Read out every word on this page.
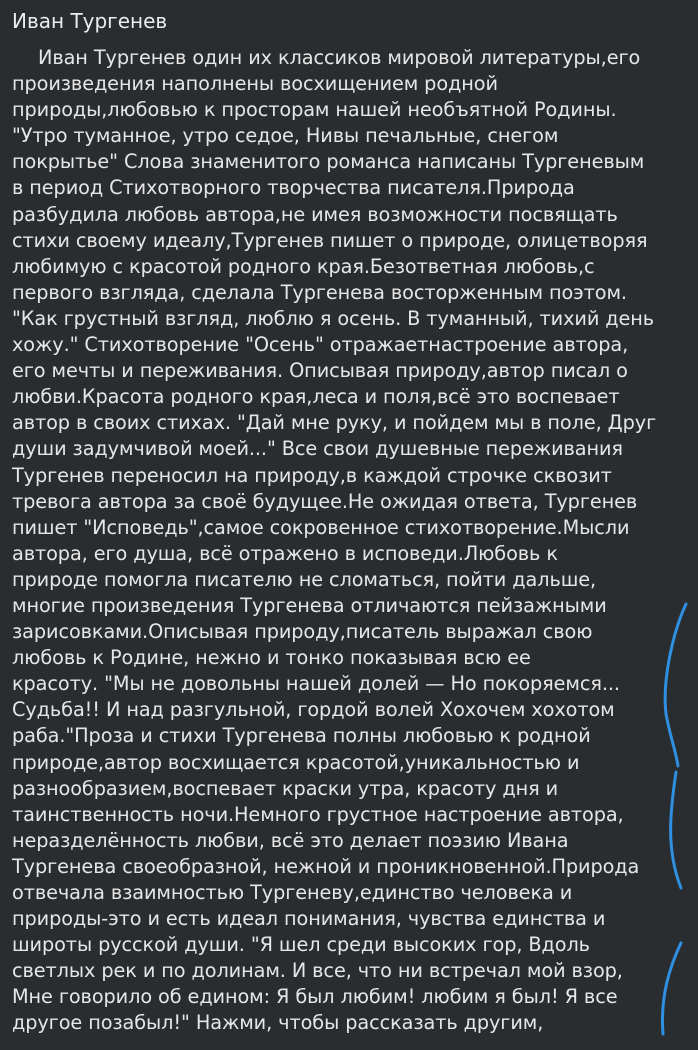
Иван Тургенев
Иван Тургенев один их классиков мировой литературы,его
произведения наполнены восхищением родной
природы,любовью к просторам нашей необъятной Родины.
"Утро туманное, утро седое, Нивы печальные, снегом
покрытье" Слова знаменитого романса написаны Тургеневым
в период Стихотворного творчества писателя.Природа
разбудила любовь автора,не имея возможности посвящать
стихи своему идеалу,Тургенев пишет о природе, олицетворяя
любимую с красотой родного края.Безответная любовь,с
первого взгляда, сделала Тургенева восторженным поэтом.
"Как грустный взгляд, люблю я осень. В туманный, тихий день
хожу." Стихотворение "Осень" отражаетнастроение автора,
его мечты и переживания. Описывая природу,автор писал о
любви.Красота родного края,леса и поля,всё это воспевает
автор в своих стихах. "Дай мне руку, и пойдем мы в поле, Друг
души задумчивой моей..." Все свои душевные переживания
Тургенев переносил на природу,в каждой строчке сквозит
тревога автора за своё будущее.Не ожидая ответа, Тургенев
пишет "Исповедь",самое сокровенное стихотворение.Мысли
автора, его душа, всё отражено в исповеди.Любовь к
природе помогла писателю не сломаться, пойти дальше,
многие произведения Тургенева отличаются пейзажными
зарисовками.Описывая природу,писатель выражал свою
любовь к Родине, нежно и тонко показывая всю ее
красоту. "Мы не довольны нашей долей — Но покоряемся...
Судьба!! И над разгульной, гордой волей Хохочем хохотом
раба."Проза и стихи Тургенева полны любовью к родной
природе,автор восхищается красотой,уникальностью и
разнообразием,воспевает краски утра, красоту дня и
таинственность ночи.Немного грустное настроение автора,
неразделённость любви, всё это делает поэзию Ивана
Тургенева своеобразной, нежной и проникновенной.Природа
отвечала взаимностью Тургеневу,единство человека и
природы-это и есть идеал понимания, чувства единства и
широты русской души. "Я шел среди высоких гор, Вдоль
светлых рек и по долинам. И все, что ни встречал мой взор,
Мне говорило об едином: Я был любим! любим я был! Я все
другое позабыл!" Нажми, чтобы рассказать другим,
